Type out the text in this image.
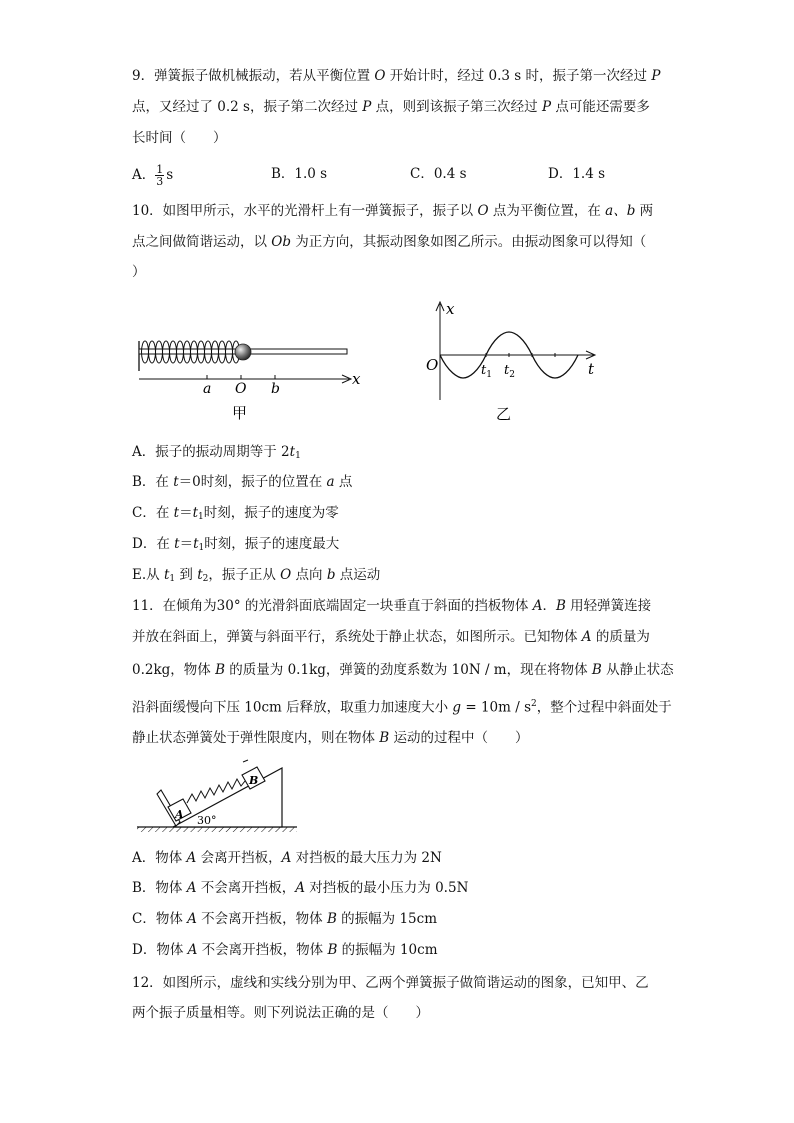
9．弹簧振子做机械振动，若从平衡位置 O 开始计时，经过 0.3 s 时，振子第一次经过 P
点，又经过了 0.2 s，振子第二次经过 P 点，则到该振子第三次经过 P 点可能还需要多
长时间（　　）
A． $\frac{1}{3}$ s	B．1.0 s	C．0.4 s	D．1.4 s
10．如图甲所示，水平的光滑杆上有一弹簧振子，振子以 O 点为平衡位置，在 a、b 两
点之间做简谐运动，以 Ob 为正方向，其振动图象如图乙所示。由振动图象可以得知（
）
a O b
x
甲
x
O	t
$t_1$ $t_2$
乙
A．振子的振动周期等于 $2t_1$
B．在 t＝0时刻，振子的位置在 a 点
C．在 $t=t_1$时刻，振子的速度为零
D．在 $t=t_1$时刻，振子的速度最大
E.从 $t_1$ 到 $t_2$，振子正从 O 点向 b 点运动
11．在倾角为30° 的光滑斜面底端固定一块垂直于斜面的挡板物体 A．B 用轻弹簧连接
并放在斜面上，弹簧与斜面平行，系统处于静止状态，如图所示。已知物体 A 的质量为
0.2kg，物体 B 的质量为 0.1kg，弹簧的劲度系数为 10N / m，现在将物体 B 从静止状态
沿斜面缓慢向下压 10cm 后释放，取重力加速度大小 $g = 10m / s^2$，整个过程中斜面处于
静止状态弹簧处于弹性限度内，则在物体 B 运动的过程中（　　）
A
B
30°
A．物体 A 会离开挡板，A 对挡板的最大压力为 2N
B．物体 A 不会离开挡板，A 对挡板的最小压力为 0.5N
C．物体 A 不会离开挡板，物体 B 的振幅为 15cm
D．物体 A 不会离开挡板，物体 B 的振幅为 10cm
12．如图所示，虚线和实线分别为甲、乙两个弹簧振子做简谐运动的图象，已知甲、乙
两个振子质量相等。则下列说法正确的是（　　）
